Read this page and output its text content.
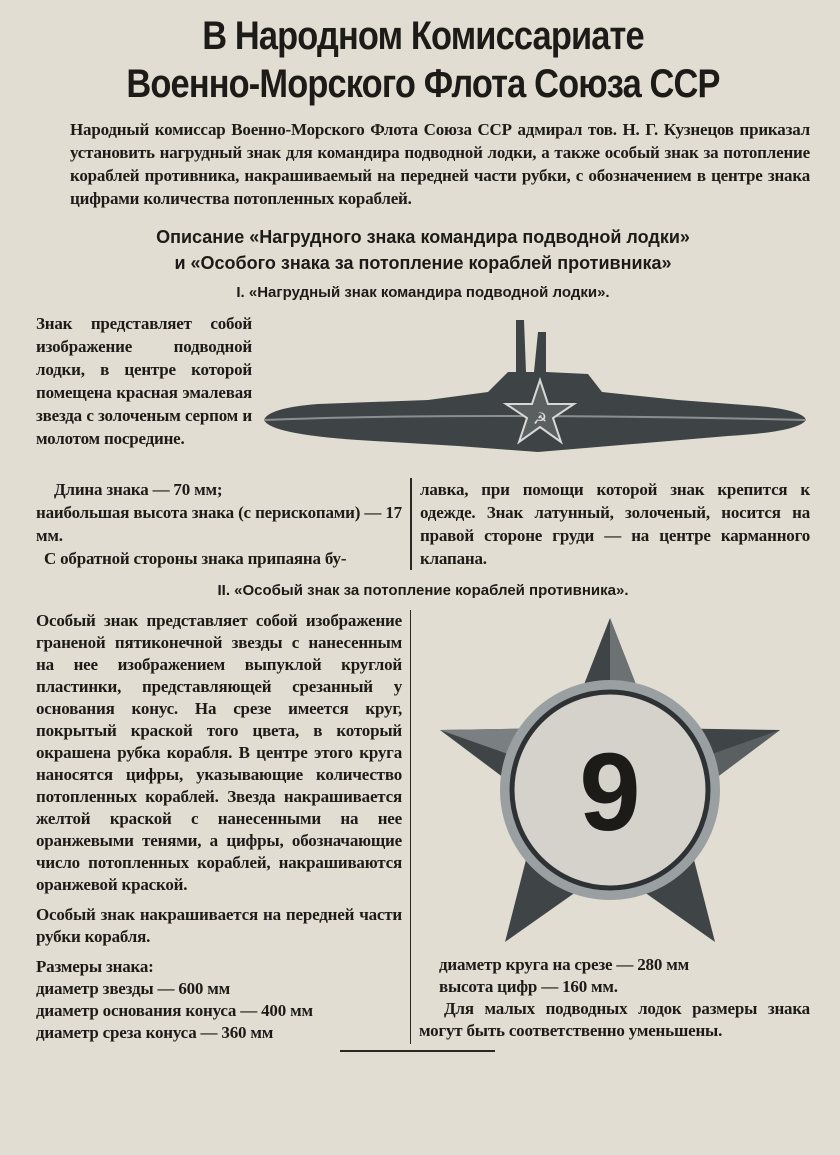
В Народном Комиссариате
Военно-Морского Флота Союза ССР
Народный комиссар Военно-Морского Флота Союза ССР адмирал тов. Н. Г. Кузнецов приказал установить нагрудный знак для командира подводной лодки, а также особый знак за потопление кораблей противника, накрашиваемый на передней части рубки, с обозначением в центре знака цифрами количества потопленных кораблей.
Описание «Нагрудного знака командира подводной лодки»
и «Особого знака за потопление кораблей противника»
I. «Нагрудный знак командира подводной лодки».
Знак представляет собой изображение подводной лодки, в центре которой помещена красная эмалевая звезда с золоченым серпом и молотом посредине.
☭
Длина знака — 70 мм;
наибольшая высота знака (с перископами) — 17 мм.
С обратной стороны знака припаяна бу-
лавка, при помощи которой знак крепится к одежде. Знак латунный, золоченый, носится на правой стороне груди — на центре карманного клапана.
II. «Особый знак за потопление кораблей противника».
Особый знак представляет собой изображение граненой пятиконечной звезды с нанесенным на нее изображением выпуклой круглой пластинки, представляющей срезанный у основания конус. На срезе имеется круг, покрытый краской того цвета, в который окрашена рубка корабля. В центре этого круга наносятся цифры, указывающие количество потопленных кораблей. Звезда накрашивается желтой краской с нанесенными на нее оранжевыми тенями, а цифры, обозначающие число потопленных кораблей, накрашиваются оранжевой краской.
Особый знак накрашивается на передней части рубки корабля.
Размеры знака:
диаметр звезды — 600 мм
диаметр основания конуса — 400 мм
диаметр среза конуса — 360 мм
9
диаметр круга на срезе — 280 мм
высота цифр — 160 мм.
Для малых подводных лодок размеры знака могут быть соответственно уменьшены.
